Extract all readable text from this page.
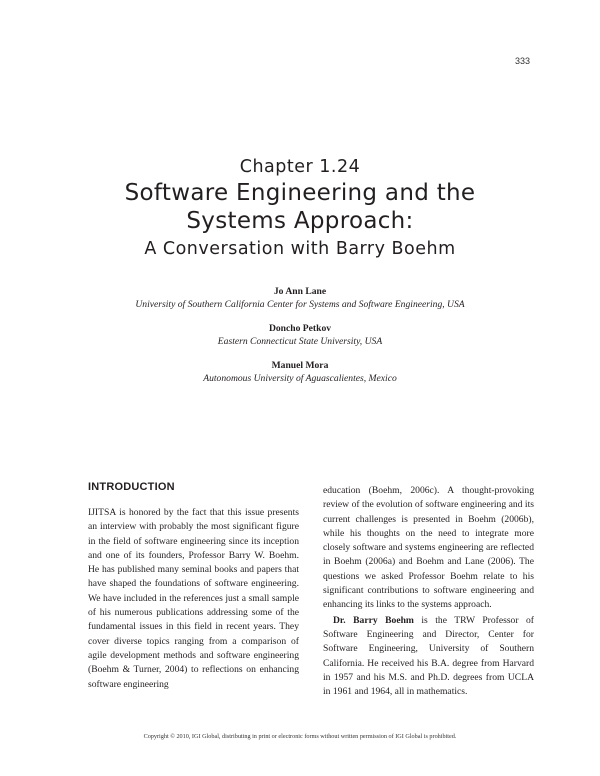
333
Chapter 1.24
Software Engineering and the
Systems Approach:
A Conversation with Barry Boehm
Jo Ann Lane
University of Southern California Center for Systems and Software Engineering, USA
Doncho Petkov
Eastern Connecticut State University, USA
Manuel Mora
Autonomous University of Aguascalientes, Mexico
INTRODUCTION

IJITSA is honored by the fact that this issue presents an interview with probably the most significant figure in the field of software engineering since its inception and one of its founders, Professor Barry W. Boehm. He has published many seminal books and papers that have shaped the foundations of software engineering. We have included in the references just a small sample of his numerous publications addressing some of the fundamental issues in this field in recent years. They cover diverse topics ranging from a comparison of agile development methods and software engineering (Boehm & Turner, 2004) to reflections on enhancing software engineering

education (Boehm, 2006c). A thought-provoking review of the evolution of software engineering and its current challenges is presented in Boehm (2006b), while his thoughts on the need to integrate more closely software and systems engineering are reflected in Boehm (2006a) and Boehm and Lane (2006). The questions we asked Professor Boehm relate to his significant contributions to software engineering and enhancing its links to the systems approach.

Dr. Barry Boehm is the TRW Professor of Software Engineering and Director, Center for Software Engineering, University of Southern California. He received his B.A. degree from Harvard in 1957 and his M.S. and Ph.D. degrees from UCLA in 1961 and 1964, all in mathematics.

Copyright © 2010, IGI Global, distributing in print or electronic forms without written permission of IGI Global is prohibited.
